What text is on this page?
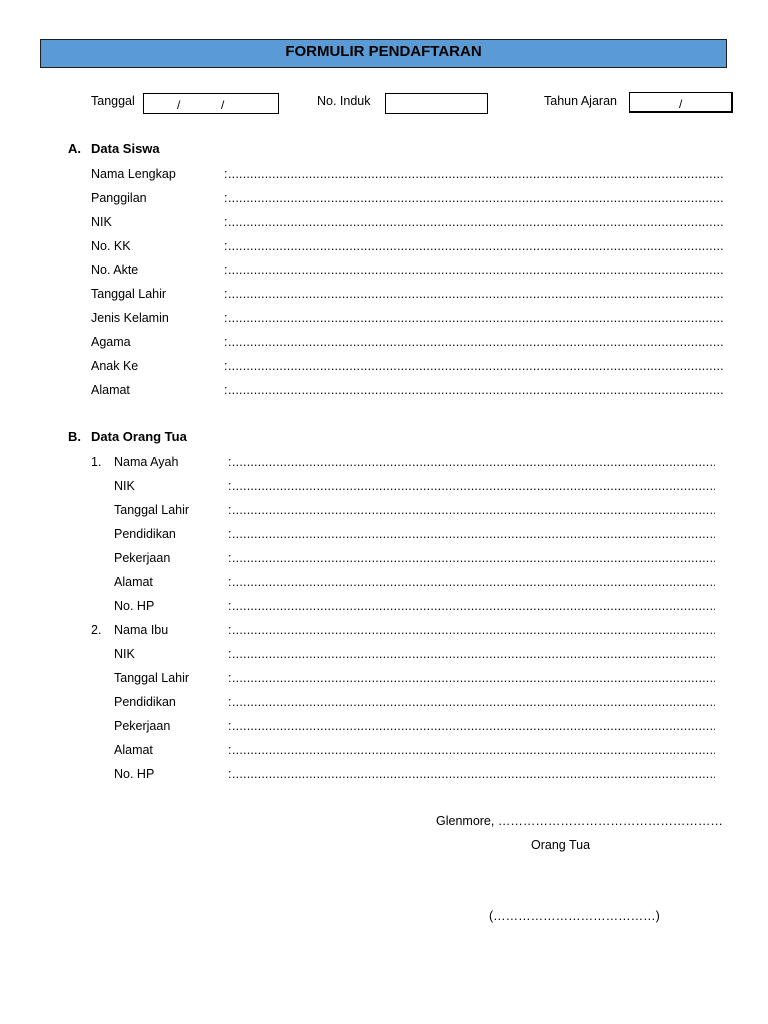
FORMULIR PENDAFTARAN
Tanggal	/	/	No. Induk	Tahun Ajaran	/
A. Data Siswa
Nama Lengkap	:
.....
Panggilan	:
.....
NIK	:
.....
No. KK	:
.....
No. Akte	:
.....
Tanggal Lahir	:
.....
Jenis Kelamin	:
.....
Agama	:
.....
Anak Ke	:
.....
Alamat	:
.....
B. Data Orang Tua
1. Nama Ayah	:
.....
NIK	:
.....
Tanggal Lahir	:
.....
Pendidikan	:
.....
Pekerjaan	:
.....
Alamat	:
.....
No. HP	:
.....
2. Nama Ibu	:
.....
NIK	:
.....
Tanggal Lahir	:
.....
Pendidikan	:
.....
Pekerjaan	:
.....
Alamat	:
.....
No. HP	:
.....
Glenmore, ………………………………………………
Orang Tua
(…………………………………)
